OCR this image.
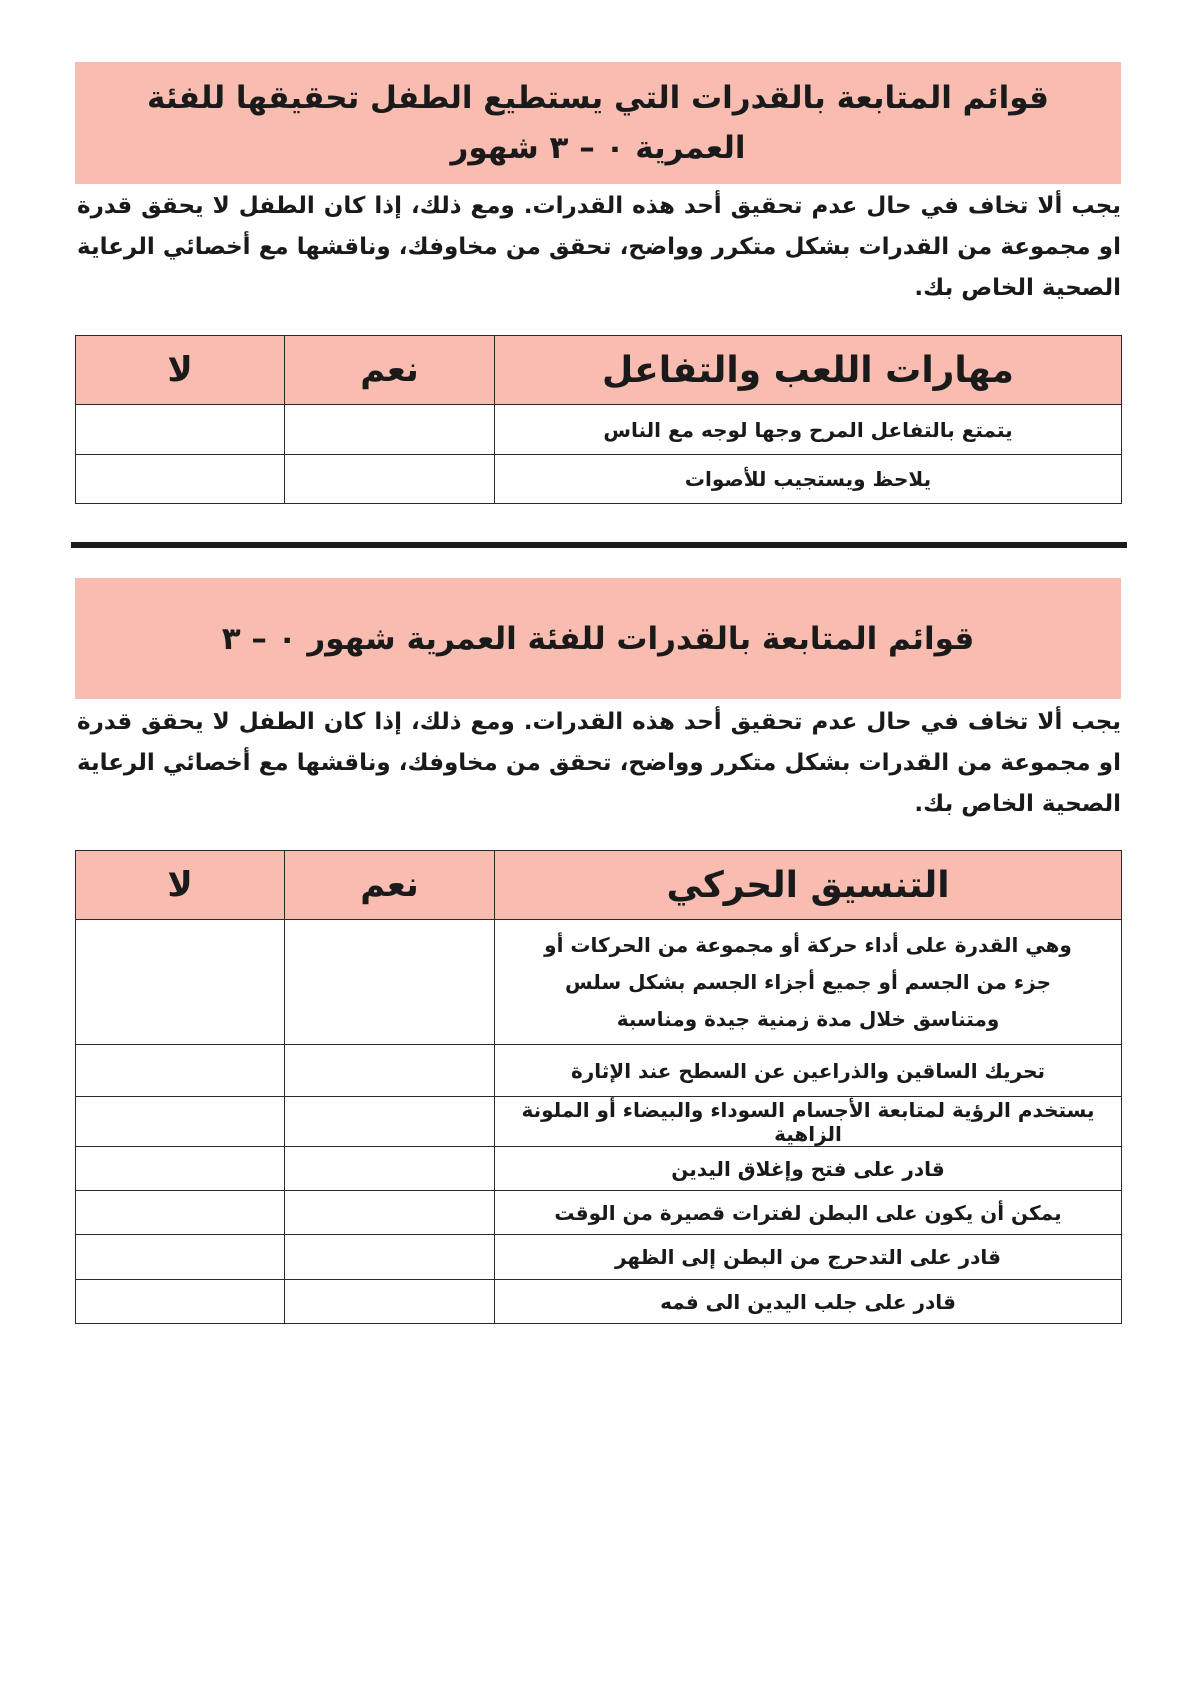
قوائم المتابعة بالقدرات التي يستطيع الطفل تحقيقها للفئة العمرية ٠ – ٣ شهور
يجب ألا تخاف في حال عدم تحقيق أحد هذه القدرات. ومع ذلك، إذا كان الطفل لا يحقق قدرة او مجموعة من القدرات بشكل متكرر وواضح، تحقق من مخاوفك، وناقشها مع أخصائي الرعاية الصحية الخاص بك.
مهارات اللعب والتفاعل	نعم	لا
يتمتع بالتفاعل المرح وجها لوجه مع الناس		
يلاحظ ويستجيب للأصوات		
قوائم المتابعة بالقدرات للفئة العمرية شهور ٠ – ٣
يجب ألا تخاف في حال عدم تحقيق أحد هذه القدرات. ومع ذلك، إذا كان الطفل لا يحقق قدرة او مجموعة من القدرات بشكل متكرر وواضح، تحقق من مخاوفك، وناقشها مع أخصائي الرعاية الصحية الخاص بك.
التنسيق الحركي	نعم	لا
وهي القدرة على أداء حركة أو مجموعة من الحركات أو جزء من الجسم أو جميع أجزاء الجسم بشكل سلس ومتناسق خلال مدة زمنية جيدة ومناسبة		
تحريك الساقين والذراعين عن السطح عند الإثارة		
يستخدم الرؤية لمتابعة الأجسام السوداء والبيضاء أو الملونة الزاهية		
قادر على فتح وإغلاق اليدين		
يمكن أن يكون على البطن لفترات قصيرة من الوقت		
قادر على التدحرج من البطن إلى الظهر		
قادر على جلب اليدين الى فمه		
